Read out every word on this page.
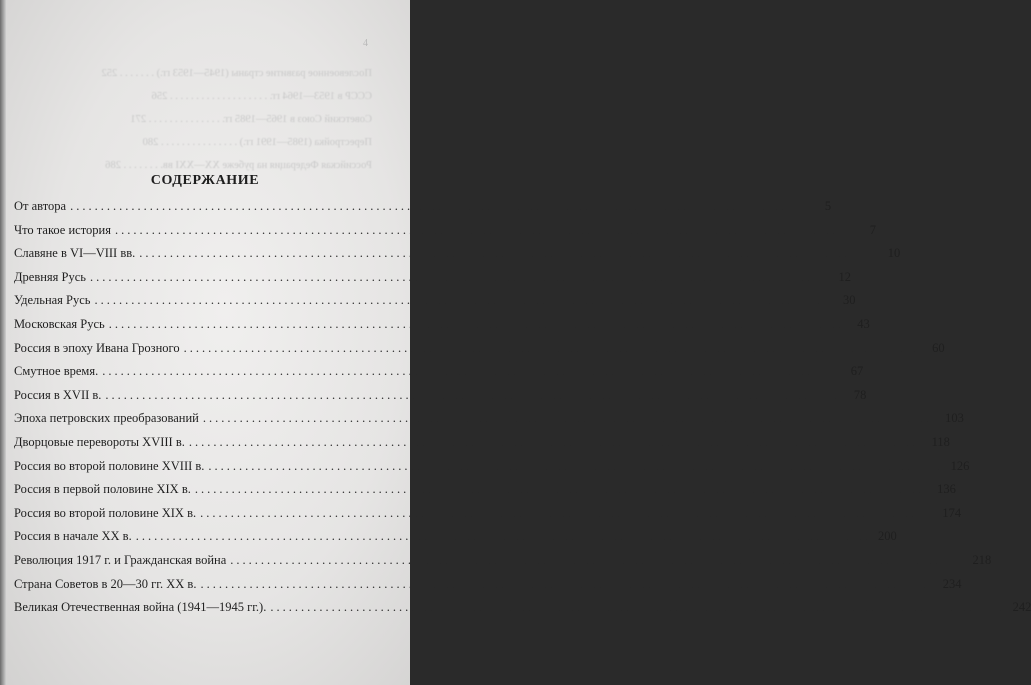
4
Послевоенное развитие страны (1945—1953 гг.) . . . . . . . 252
СССР в 1953—1964 гг. . . . . . . . . . . . . . . . . . . . 256
Советский Союз в 1965—1985 гг. . . . . . . . . . . . . . . 271
Перестройка (1985—1991 гг.) . . . . . . . . . . . . . . . 280
Российская Федерация на рубеже XX—XXI вв. . . . . . . . 286
СОДЕРЖАНИЕ
От автора ........................................................................................................................	5
Что такое история ........................................................................................................................	7
Славяне в VI—VIII вв. ........................................................................................................................	10
Древняя Русь ........................................................................................................................	12
Удельная Русь ........................................................................................................................	30
Московская Русь ........................................................................................................................	43
Россия в эпоху Ивана Грозного ........................................................................................................................	60
Смутное время. ........................................................................................................................	67
Россия в XVII в. ........................................................................................................................	78
Эпоха петровских преобразований ........................................................................................................................ 103
Дворцовые перевороты XVIII в. ........................................................................................................................ 118
Россия во второй половине XVIII в. ........................................................................................................................ 126
Россия в первой половине XIX в. ........................................................................................................................ 136
Россия во второй половине XIX в. ........................................................................................................................ 174
Россия в начале XX в. ........................................................................................................................ 200
Революция 1917 г. и Гражданская война ........................................................................................................................ 218
Страна Советов в 20—30 гг. XX в. ........................................................................................................................ 234
Великая Отечественная война (1941—1945 гг.). ........................................................................................................................ 242
